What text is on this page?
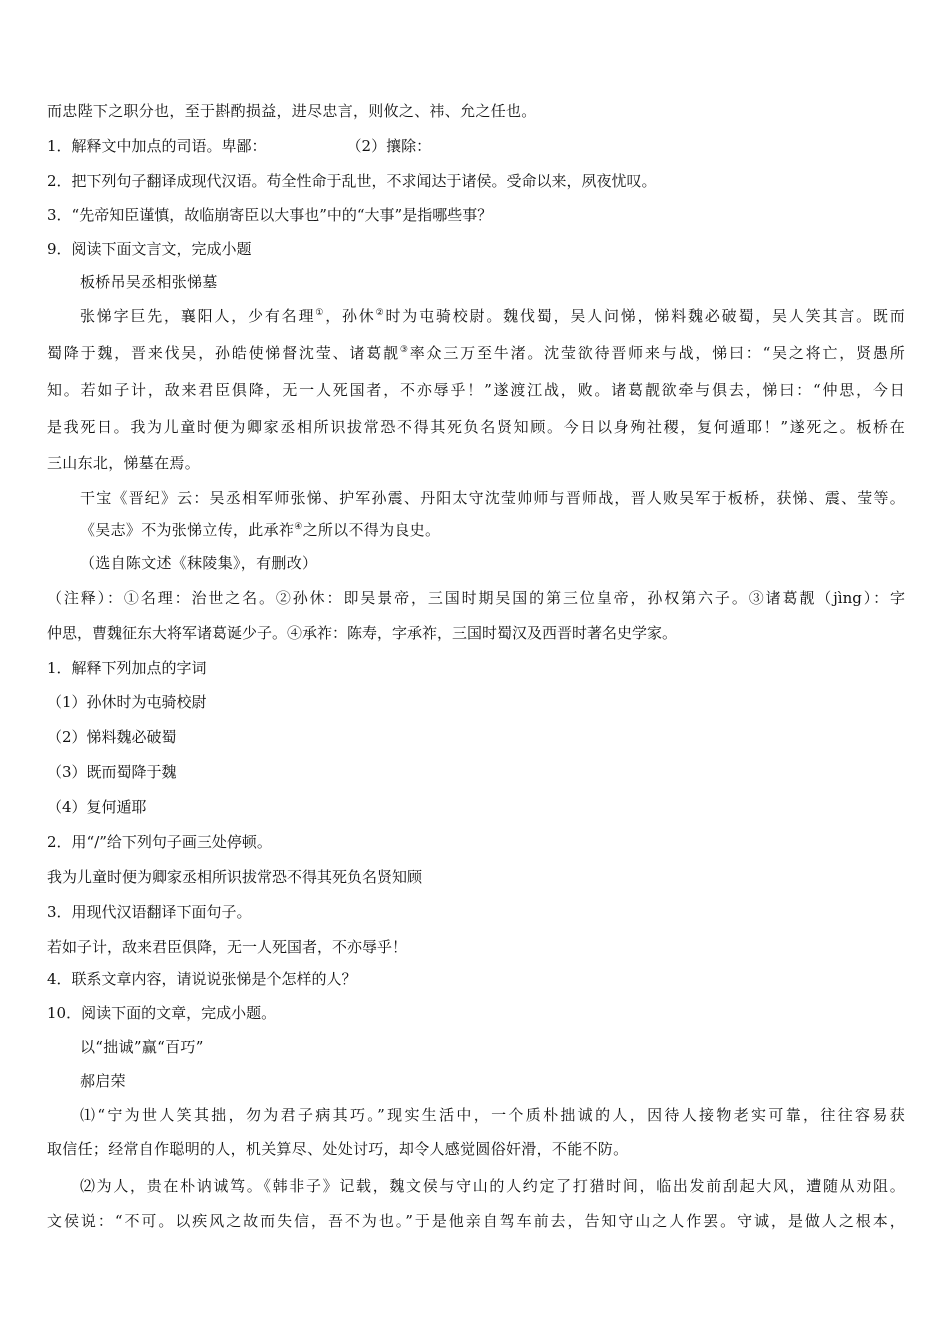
而忠陛下之职分也，至于斟酌损益，进尽忠言，则攸之、祎、允之任也。
1．解释文中加点的司语。卑鄙：	（2）攘除：
2．把下列句子翻译成现代汉语。苟全性命于乱世，不求闻达于诸侯。受命以来，夙夜忧叹。
3．“先帝知臣谨慎，故临崩寄臣以大事也”中的“大事”是指哪些事？
9．阅读下面文言文，完成小题
板桥吊吴丞相张悌墓
张悌字巨先，襄阳人，少有名理①，孙休②时为屯骑校尉。魏伐蜀，吴人问悌，悌料魏必破蜀，吴人笑其言。既而
蜀降于魏，晋来伐吴，孙皓使悌督沈莹、诸葛靓③率众三万至牛渚。沈莹欲待晋师来与战，悌曰：“吴之将亡，贤愚所
知。若如子计，敌来君臣俱降，无一人死国者，不亦辱乎！”遂渡江战，败。诸葛靓欲牵与俱去，悌曰：“仲思，今日
是我死日。我为儿童时便为卿家丞相所识拔常恐不得其死负名贤知顾。今日以身殉社稷，复何遁耶！”遂死之。板桥在
三山东北，悌墓在焉。
干宝《晋纪》云：吴丞相军师张悌、护军孙震、丹阳太守沈莹帅师与晋师战，晋人败吴军于板桥，获悌、震、莹等。
《吴志》不为张悌立传，此承祚④之所以不得为良史。
（选自陈文述《秣陵集》，有删改）
（注释）：①名理：治世之名。②孙休：即吴景帝，三国时期吴国的第三位皇帝，孙权第六子。③诸葛靓（jìng）：字
仲思，曹魏征东大将军诸葛诞少子。④承祚：陈寿，字承祚，三国时蜀汉及西晋时著名史学家。
1．解释下列加点的字词
（1）孙休时为屯骑校尉
（2）悌料魏必破蜀
（3）既而蜀降于魏
（4）复何遁耶
2．用“/”给下列句子画三处停顿。
我为儿童时便为卿家丞相所识拔常恐不得其死负名贤知顾
3．用现代汉语翻译下面句子。
若如子计，敌来君臣俱降，无一人死国者，不亦辱乎！
4．联系文章内容，请说说张悌是个怎样的人？
10．阅读下面的文章，完成小题。
以“拙诚”赢“百巧”
郝启荣
⑴“宁为世人笑其拙，勿为君子病其巧。”现实生活中，一个质朴拙诚的人，因待人接物老实可靠，往往容易获
取信任；经常自作聪明的人，机关算尽、处处讨巧，却令人感觉圆俗奸滑，不能不防。
⑵为人，贵在朴讷诚笃。《韩非子》记载，魏文侯与守山的人约定了打猎时间，临出发前刮起大风，遭随从劝阻。
文侯说：“不可。以疾风之故而失信，吾不为也。”于是他亲自驾车前去，告知守山之人作罢。守诚，是做人之根本，
